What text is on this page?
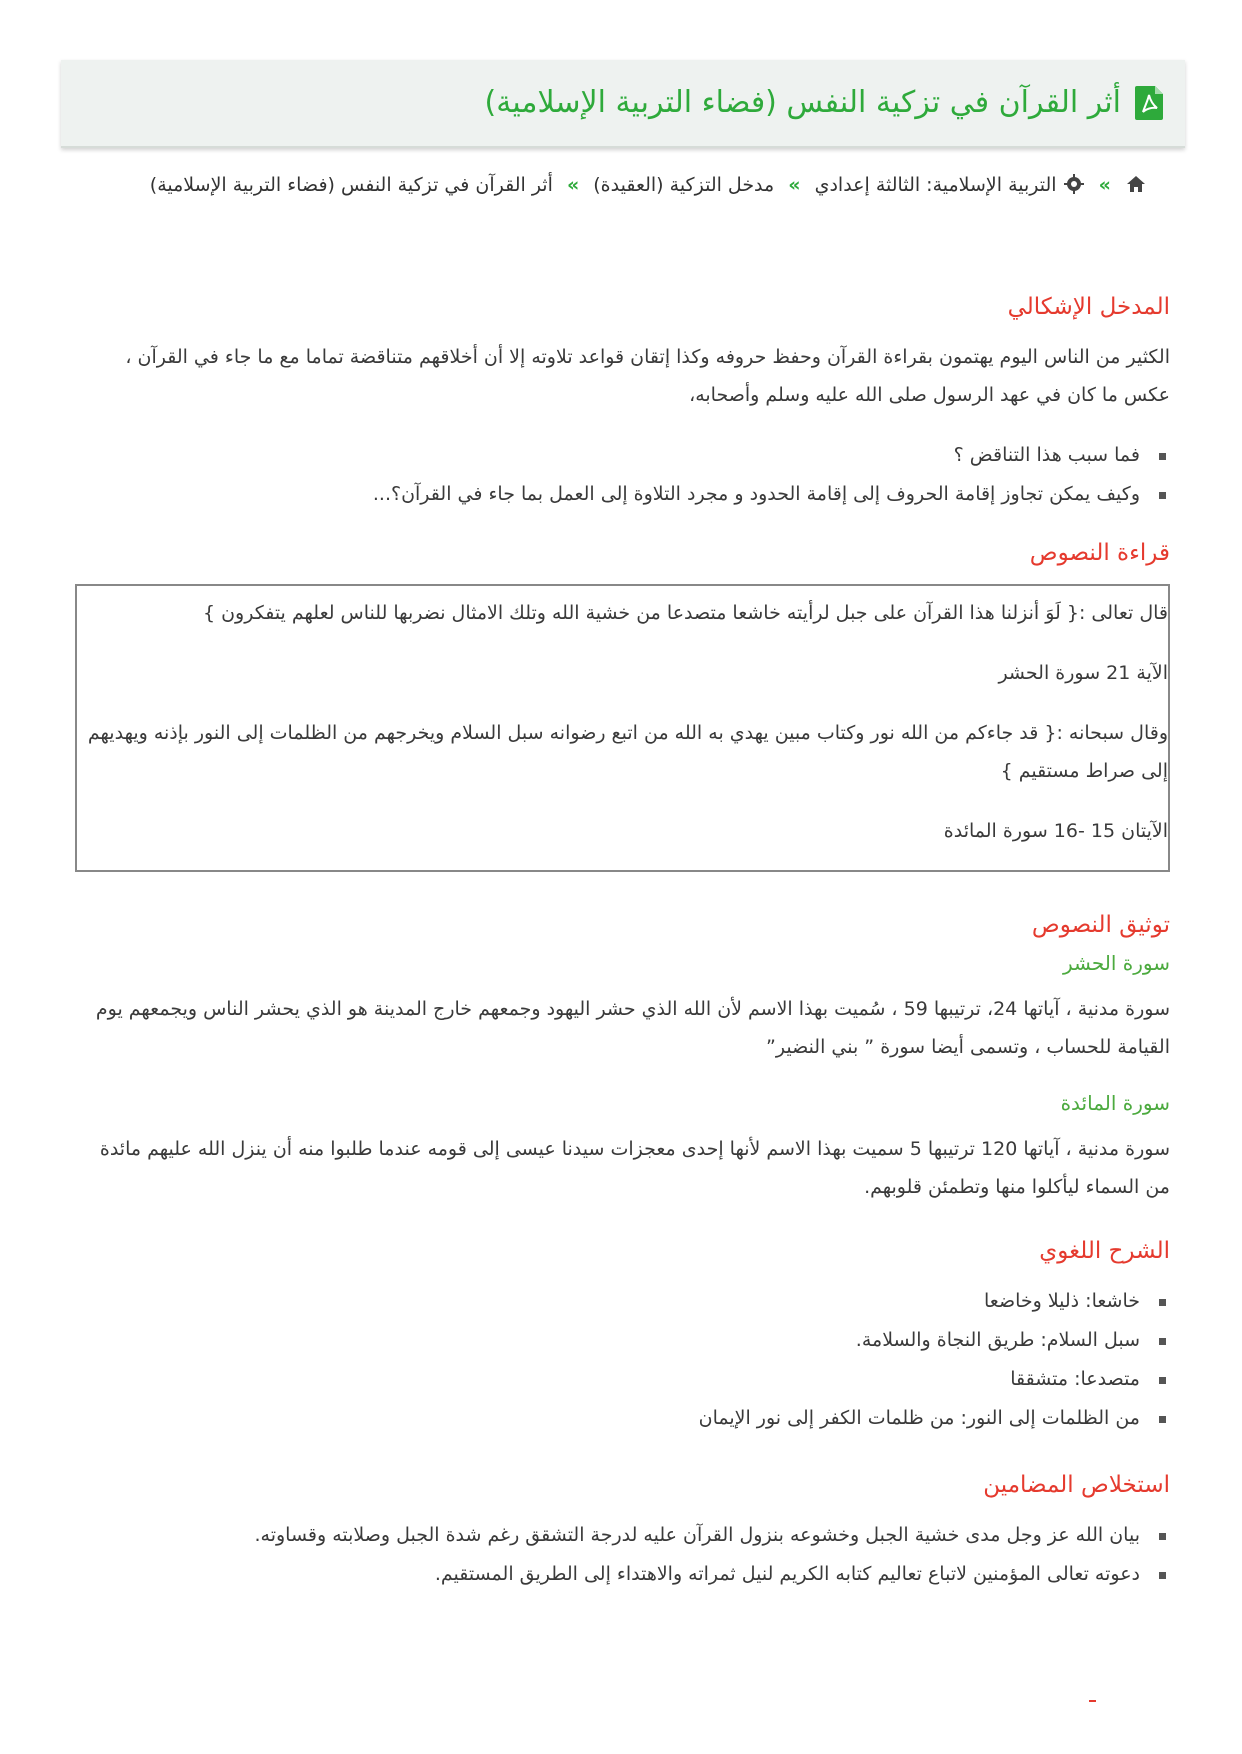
أثر القرآن في تزكية النفس (فضاء التربية الإسلامية)
»  التربية الإسلامية: الثالثة إعدادي » مدخل التزكية (العقيدة) » أثر القرآن في تزكية النفس (فضاء التربية الإسلامية)
المدخل الإشكالي

الكثير من الناس اليوم يهتمون بقراءة القرآن وحفظ حروفه وكذا إتقان قواعد تلاوته إلا أن أخلاقهم متناقضة تماما مع ما جاء في القرآن ، عكس ما كان في عهد الرسول صلى الله عليه وسلم وأصحابه،

فما سبب هذا التناقض ؟
وكيف يمكن تجاوز إقامة الحروف إلى إقامة الحدود و مجرد التلاوة إلى العمل بما جاء في القرآن؟...
قراءة النصوص

قال تعالى :{ لَوَ أنزلنا هذا القرآن على جبل لرأيته خاشعا متصدعا من خشية الله وتلك الامثال نضربها للناس لعلهم يتفكرون }

الآية 21 سورة الحشر

وقال سبحانه :{ قد جاءكم من الله نور وكتاب مبين يهدي به الله من اتبع رضوانه سبل السلام ويخرجهم من الظلمات إلى النور بإذنه ويهديهم إلى صراط مستقيم }

الآيتان 15 -16 سورة المائدة

توثيق النصوص
سورة الحشر

سورة مدنية ، آياتها 24، ترتيبها 59 ، سُميت بهذا الاسم لأن الله الذي حشر اليهود وجمعهم خارج المدينة هو الذي يحشر الناس ويجمعهم يوم القيامة للحساب ، وتسمى أيضا سورة ” بني النضير”

سورة المائدة

سورة مدنية ، آياتها 120 ترتيبها 5 سميت بهذا الاسم لأنها إحدى معجزات سيدنا عيسى إلى قومه عندما طلبوا منه أن ينزل الله عليهم مائدة من السماء ليأكلوا منها وتطمئن قلوبهم.

الشرح اللغوي
خاشعا: ذليلا وخاضعا
سبل السلام: طريق النجاة والسلامة.
متصدعا: متشققا
من الظلمات إلى النور: من ظلمات الكفر إلى نور الإيمان
استخلاص المضامين
بيان الله عز وجل مدى خشية الجبل وخشوعه بنزول القرآن عليه لدرجة التشقق رغم شدة الجبل وصلابته وقساوته.
دعوته تعالى المؤمنين لاتباع تعاليم كتابه الكريم لنيل ثمراته والاهتداء إلى الطريق المستقيم.
